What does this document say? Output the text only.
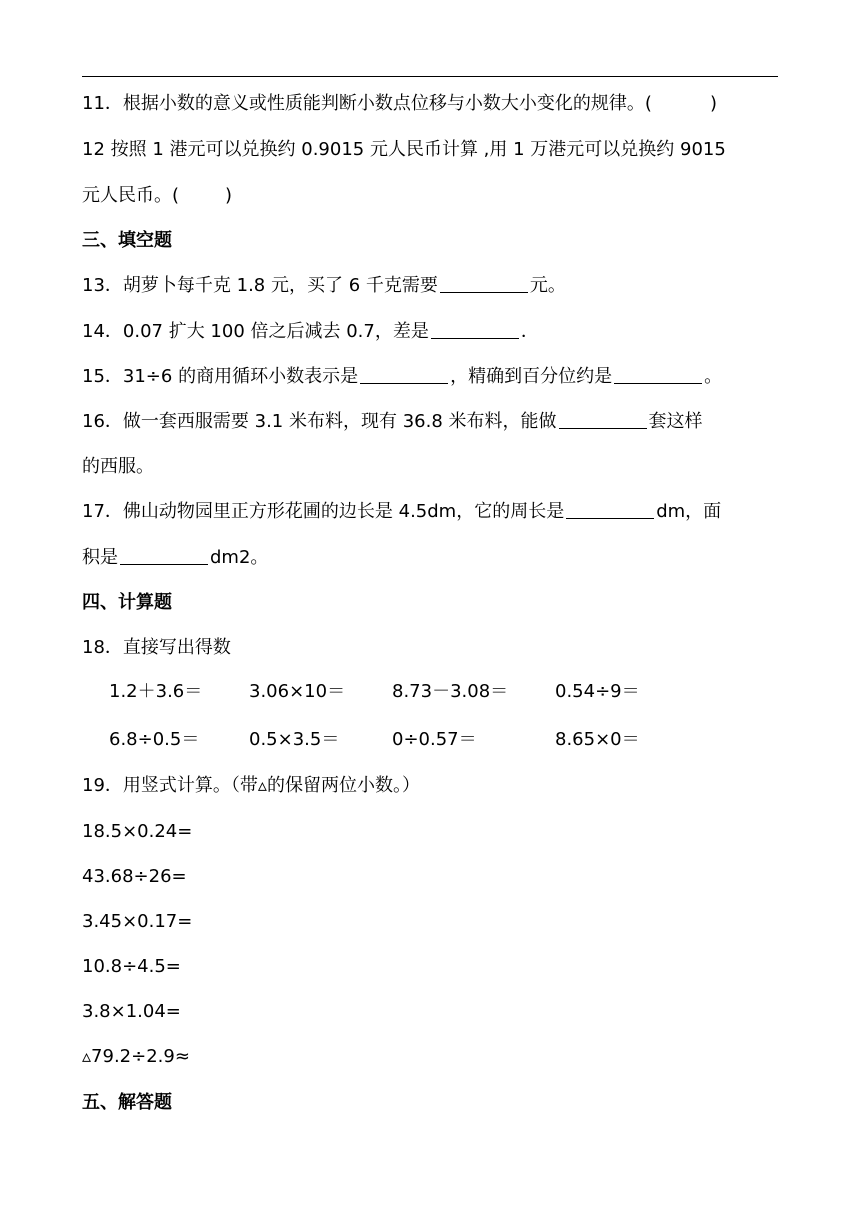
11．根据小数的意义或性质能判断小数点位移与小数大小变化的规律。(	)
12 按照 1 港元可以兑换约 0.9015 元人民币计算 ,用 1 万港元可以兑换约 9015
元人民币。(	)
三、填空题
13．胡萝卜每千克 1.8 元，买了 6 千克需要	元。
14．0.07 扩大 100 倍之后减去 0.7，差是	．
15．31÷6 的商用循环小数表示是	，精确到百分位约是	。
16．做一套西服需要 3.1 米布料，现有 36.8 米布料，能做	套这样
的西服。
17．佛山动物园里正方形花圃的边长是 4.5dm，它的周长是	dm，面
积是	dm2。
四、计算题
18．直接写出得数
1.2＋3.6＝	3.06×10＝	8.73－3.08＝	0.54÷9＝
6.8÷0.5＝	0.5×3.5＝	0÷0.57＝	8.65×0＝
19．用竖式计算。（带▵的保留两位小数。）
18.5×0.24=
43.68÷26=
3.45×0.17=
10.8÷4.5=
3.8×1.04=
▵79.2÷2.9≈
五、解答题
